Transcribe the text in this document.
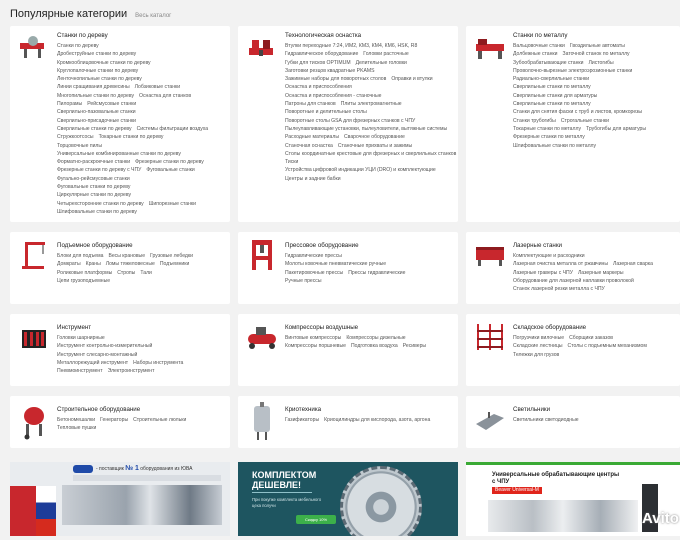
Популярные категории Весь каталог
Станки по дереву
Станки по дереву
Дробеструйные станки по дереву
Кромкооблицовочные станки по дереву
Круглопалочные станки по дереву
Ленточнопильные станки по дереву
Линии сращивания древесины Лобзиковые станки
Многопильные станки по дереву Оснастка для станков
Пилорамы Рейсмусовые станки
Сверлильно-пазовальные станки
Сверлильно-присадочные станки
Сверлильные станки по дереву Системы фильтрации воздуха
Стружкоотсосы Токарные станки по дереву
Торцовочные пилы
Универсальные комбинированные станки по дереву
Форматно-раскроечные станки Фрезерные станки по дереву
Фрезерные станки по дереву с ЧПУ Фуговальные станки
Фугально-рейсмусовые станки
Фуговальные станки по дереву
Циркулярные станки по дереву
Четырехсторонние станки по дереву Шипорезные станки
Шлифовальные станки по дереву
Технологическая оснастка
Втулки переходные 7:24, ИМ2, КМ3, КМ4, КМ6, HSK, R8
Гидравлическое оборудование Головки расточные
Губки для тисков OPTIMUM Делительные головки
Заготовки резцов квадратные PKAMS
Зажимные наборы для поворотных столов Оправки и втулки
Оснастка и приспособления
Оснастка и приспособления - станочные
Патроны для станков Плиты электромагнитные
Поворотные и делительные столы
Поворотные столы GSA для фрезерных станков с ЧПУ
Пылеулавливающие установки, пылеуловители, вытяжные системы
Расходные материалы Сварочное оборудование
Станочная оснастка Станочные прихваты и зажимы
Столы координатные крестовые для фрезерных и сверлильных станков
Тиски
Устройства цифровой индикации УЦИ (DRO) и комплектующие
Центры и задние бабки
Станки по металлу
Вальцовочные станки Гвоздильные автоматы
Долбежные станки Заточной станок по металлу
Зубообрабатывающие станки Листогибы
Проволочно-вырезные электроэрозионные станки
Радиально-сверлильные станки
Сверлильные станки по металлу
Сверлильные станки для арматуры
Сверлильные станки по металлу
Станки для снятия фаски с труб и листов, кромкорезы
Станки трубогибы Строгальные станки
Токарные станки по металлу Трубогибы для арматуры
Фрезерные станки по металлу
Шлифовальные станки по металлу
Подъемное оборудование
Блоки для подъема Весы крановые Грузовые лебедки
Домкраты Краны Ломы тяжеловесные Подъемники
Роликовые платформы Стропы Тали
Цепи грузоподъемные
Прессовое оборудование
Гидравлические прессы
Молоты ковочные пневматические ручные
Пакетировочные прессы Прессы гидравлические
Ручные прессы
Лазерные станки
Комплектующие и расходники
Лазерная очистка металла от ржавчины Лазерная сварка
Лазерные граверы с ЧПУ Лазерные маркеры
Оборудование для лазерной наплавки проволокой
Станок лазерной резки металла с ЧПУ
Инструмент
Головки шарнирные
Инструмент контрольно-измерительный
Инструмент слесарно-монтажный
Металлорежущий инструмент Наборы инструмента
Пневмоинструмент Электроинструмент
Компрессоры воздушные
Винтовые компрессоры Компрессоры дизельные
Компрессоры поршневые Подготовка воздуха Ресиверы
Складское оборудование
Погрузчики вилочные Сборщики заказов
Складские лестницы Столы с подъемным механизмом
Тележки для грузов
Строительное оборудование
Бетономешалки Генераторы Строительные люльки
Тепловые пушки
Криотехника
Газификаторы Криоцилиндры для кислорода, азота, аргона
Светильники
Светильники светодиодные
- поставщик № 1 оборудования из ЮВА
КОМПЛЕКТОМ ДЕШЕВЛЕ!
При покупке комплекта мебельного цеха получи
Скидку 10%
Универсальные обрабатывающие центры
с ЧПУ
Beaver Universal-M
Avito
